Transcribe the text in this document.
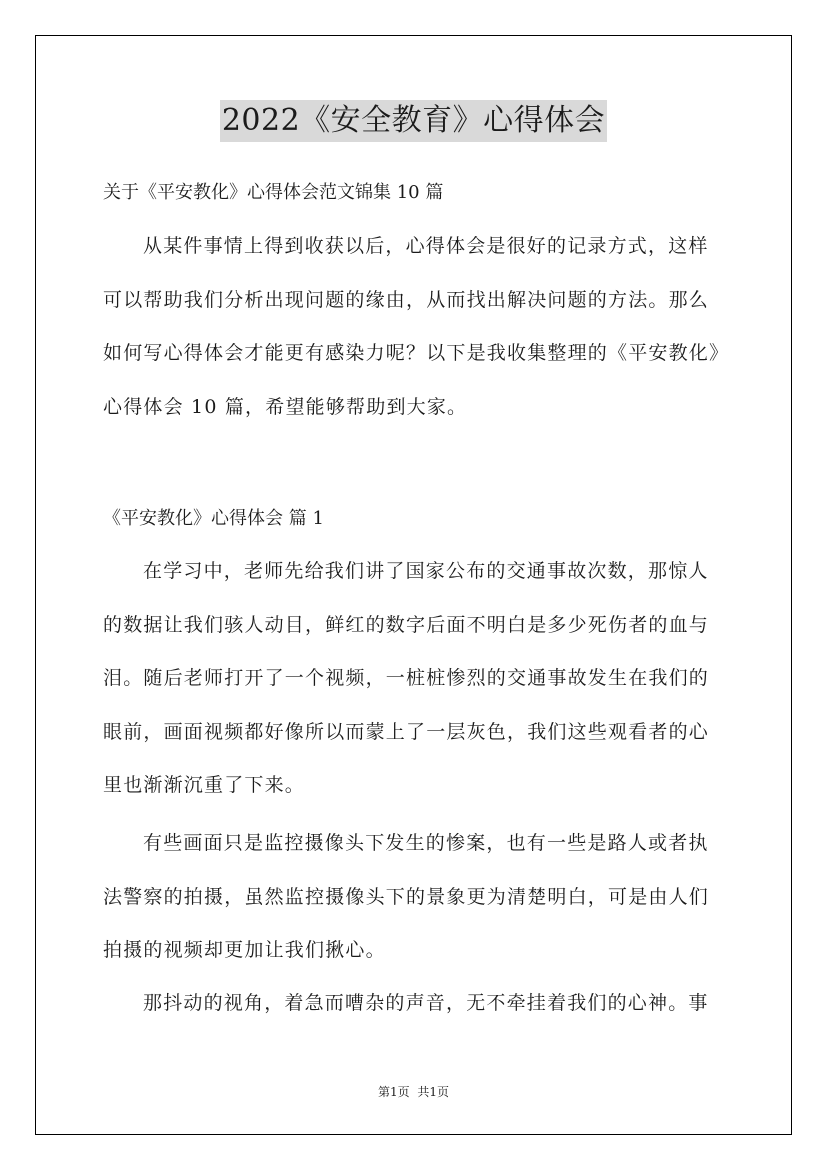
2022《安全教育》心得体会

关于《平安教化》心得体会范文锦集 10 篇

从某件事情上得到收获以后，心得体会是很好的记录方式，这样
可以帮助我们分析出现问题的缘由，从而找出解决问题的方法。那么
如何写心得体会才能更有感染力呢？以下是我收集整理的《平安教化》
心得体会 10 篇，希望能够帮助到大家。

《平安教化》心得体会 篇 1

在学习中，老师先给我们讲了国家公布的交通事故次数，那惊人
的数据让我们骇人动目，鲜红的数字后面不明白是多少死伤者的血与
泪。随后老师打开了一个视频，一桩桩惨烈的交通事故发生在我们的
眼前，画面视频都好像所以而蒙上了一层灰色，我们这些观看者的心
里也渐渐沉重了下来。
有些画面只是监控摄像头下发生的惨案，也有一些是路人或者执
法警察的拍摄，虽然监控摄像头下的景象更为清楚明白，可是由人们
拍摄的视频却更加让我们揪心。
那抖动的视角，着急而嘈杂的声音，无不牵挂着我们的心神。事
第1页 共1页
